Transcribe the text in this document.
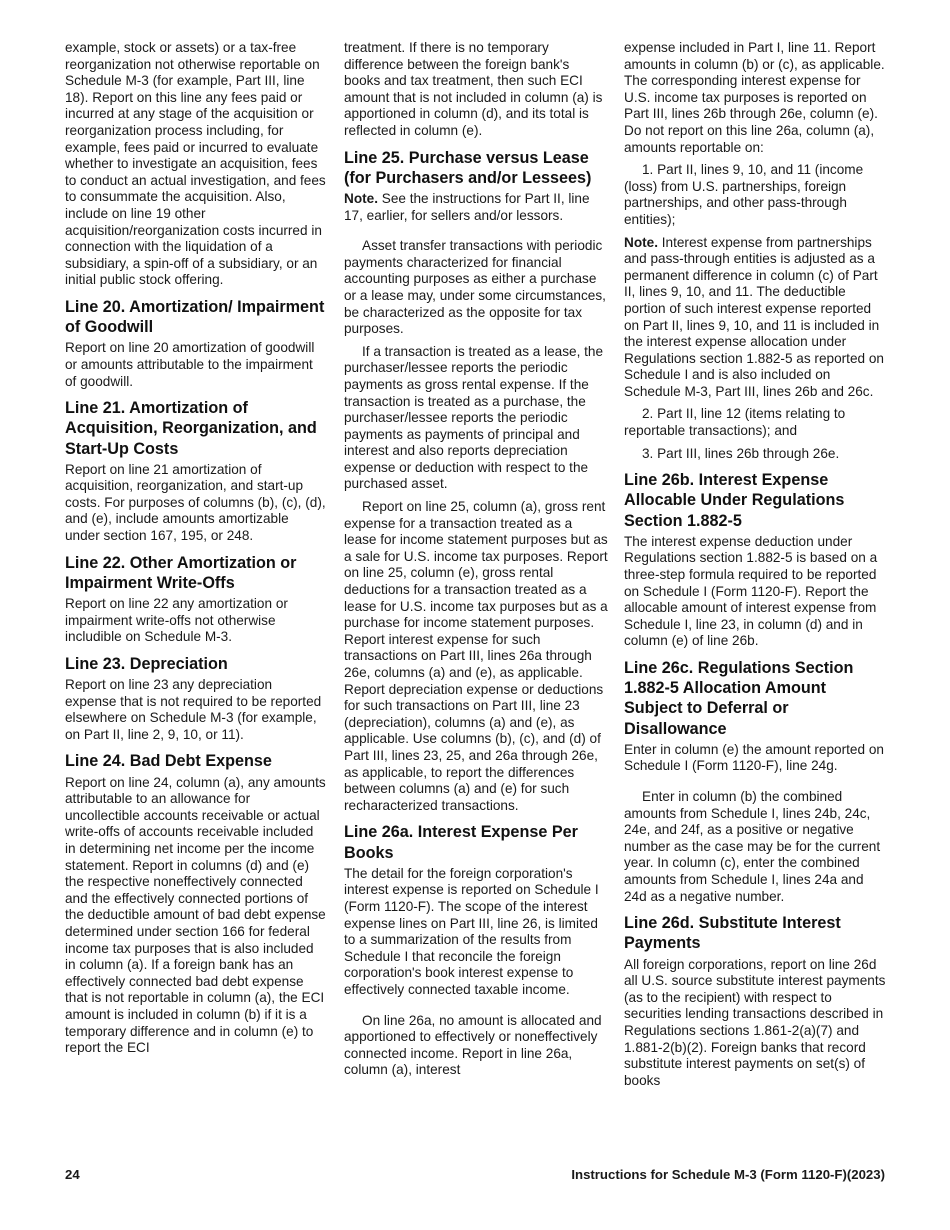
example, stock or assets) or a tax-free reorganization not otherwise reportable on Schedule M-3 (for example, Part III, line 18). Report on this line any fees paid or incurred at any stage of the acquisition or reorganization process including, for example, fees paid or incurred to evaluate whether to investigate an acquisition, fees to conduct an actual investigation, and fees to consummate the acquisition. Also, include on line 19 other acquisition/reorganization costs incurred in connection with the liquidation of a subsidiary, a spin-off of a subsidiary, or an initial public stock offering.

Line 20. Amortization/ Impairment of Goodwill

Report on line 20 amortization of goodwill or amounts attributable to the impairment of goodwill.

Line 21. Amortization of Acquisition, Reorganization, and Start-Up Costs

Report on line 21 amortization of acquisition, reorganization, and start-up costs. For purposes of columns (b), (c), (d), and (e), include amounts amortizable under section 167, 195, or 248.

Line 22. Other Amortization or Impairment Write-Offs

Report on line 22 any amortization or impairment write-offs not otherwise includible on Schedule M-3.

Line 23. Depreciation

Report on line 23 any depreciation expense that is not required to be reported elsewhere on Schedule M-3 (for example, on Part II, line 2, 9, 10, or 11).

Line 24. Bad Debt Expense

Report on line 24, column (a), any amounts attributable to an allowance for uncollectible accounts receivable or actual write-offs of accounts receivable included in determining net income per the income statement. Report in columns (d) and (e) the respective noneffectively connected and the effectively connected portions of the deductible amount of bad debt expense determined under section 166 for federal income tax purposes that is also included in column (a). If a foreign bank has an effectively connected bad debt expense that is not reportable in column (a), the ECI amount is included in column (b) if it is a temporary difference and in column (e) to report the ECI

treatment. If there is no temporary difference between the foreign bank's books and tax treatment, then such ECI amount that is not included in column (a) is apportioned in column (d), and its total is reflected in column (e).

Line 25. Purchase versus Lease (for Purchasers and/or Lessees)

Note. See the instructions for Part II, line 17, earlier, for sellers and/or lessors.

Asset transfer transactions with periodic payments characterized for financial accounting purposes as either a purchase or a lease may, under some circumstances, be characterized as the opposite for tax purposes.

If a transaction is treated as a lease, the purchaser/lessee reports the periodic payments as gross rental expense. If the transaction is treated as a purchase, the purchaser/lessee reports the periodic payments as payments of principal and interest and also reports depreciation expense or deduction with respect to the purchased asset.

Report on line 25, column (a), gross rent expense for a transaction treated as a lease for income statement purposes but as a sale for U.S. income tax purposes. Report on line 25, column (e), gross rental deductions for a transaction treated as a lease for U.S. income tax purposes but as a purchase for income statement purposes. Report interest expense for such transactions on Part III, lines 26a through 26e, columns (a) and (e), as applicable. Report depreciation expense or deductions for such transactions on Part III, line 23 (depreciation), columns (a) and (e), as applicable. Use columns (b), (c), and (d) of Part III, lines 23, 25, and 26a through 26e, as applicable, to report the differences between columns (a) and (e) for such recharacterized transactions.

Line 26a. Interest Expense Per Books

The detail for the foreign corporation's interest expense is reported on Schedule I (Form 1120-F). The scope of the interest expense lines on Part III, line 26, is limited to a summarization of the results from Schedule I that reconcile the foreign corporation's book interest expense to effectively connected taxable income.

On line 26a, no amount is allocated and apportioned to effectively or noneffectively connected income. Report in line 26a, column (a), interest

expense included in Part I, line 11. Report amounts in column (b) or (c), as applicable. The corresponding interest expense for U.S. income tax purposes is reported on Part III, lines 26b through 26e, column (e). Do not report on this line 26a, column (a), amounts reportable on:

1. Part II, lines 9, 10, and 11 (income (loss) from U.S. partnerships, foreign partnerships, and other pass-through entities);

Note. Interest expense from partnerships and pass-through entities is adjusted as a permanent difference in column (c) of Part II, lines 9, 10, and 11. The deductible portion of such interest expense reported on Part II, lines 9, 10, and 11 is included in the interest expense allocation under Regulations section 1.882-5 as reported on Schedule I and is also included on Schedule M-3, Part III, lines 26b and 26c.

2. Part II, line 12 (items relating to reportable transactions); and

3. Part III, lines 26b through 26e.

Line 26b. Interest Expense Allocable Under Regulations Section 1.882-5

The interest expense deduction under Regulations section 1.882-5 is based on a three-step formula required to be reported on Schedule I (Form 1120-F). Report the allocable amount of interest expense from Schedule I, line 23, in column (d) and in column (e) of line 26b.

Line 26c. Regulations Section 1.882-5 Allocation Amount Subject to Deferral or Disallowance

Enter in column (e) the amount reported on Schedule I (Form 1120-F), line 24g.

Enter in column (b) the combined amounts from Schedule I, lines 24b, 24c, 24e, and 24f, as a positive or negative number as the case may be for the current year. In column (c), enter the combined amounts from Schedule I, lines 24a and 24d as a negative number.

Line 26d. Substitute Interest Payments

All foreign corporations, report on line 26d all U.S. source substitute interest payments (as to the recipient) with respect to securities lending transactions described in Regulations sections 1.861-2(a)(7) and 1.881-2(b)(2). Foreign banks that record substitute interest payments on set(s) of books

24	Instructions for Schedule M-3 (Form 1120-F)(2023)
